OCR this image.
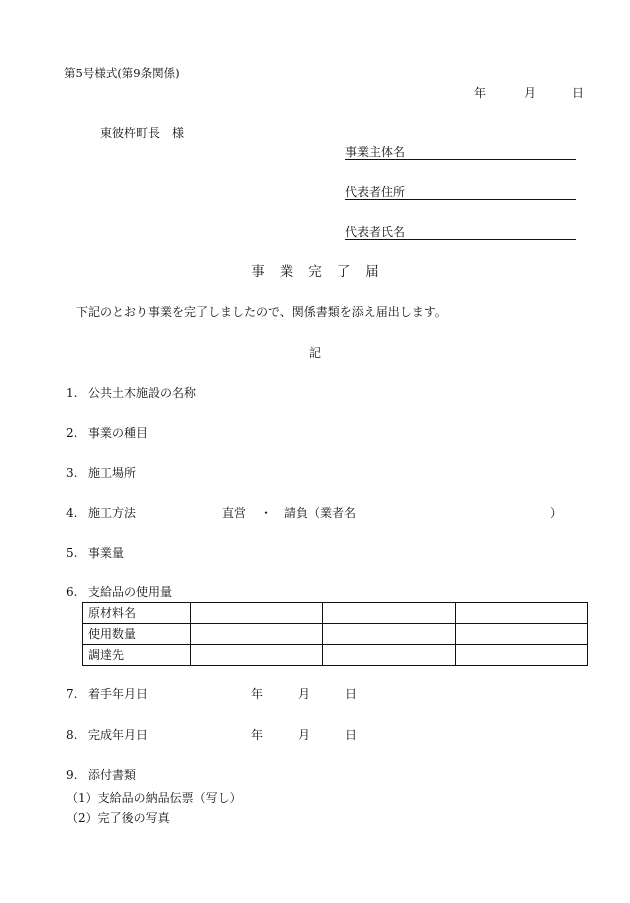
第5号様式(第9条関係)
年	月	日
東彼杵町長　様
事業主体名
代表者住所
代表者氏名
事業完了届
下記のとおり事業を完了しましたので、関係書類を添え届出します。
記
1. 公共土木施設の名称
2. 事業の種目
3. 施工場所
4. 施工方法	直営 ・ 請負（業者名	）
5. 事業量
6. 支給品の使用量
原材料名			
使用数量			
調達先			
7. 着手年月日	年	月	日
8. 完成年月日	年	月	日
9. 添付書類
（1）支給品の納品伝票（写し）
（2）完了後の写真
